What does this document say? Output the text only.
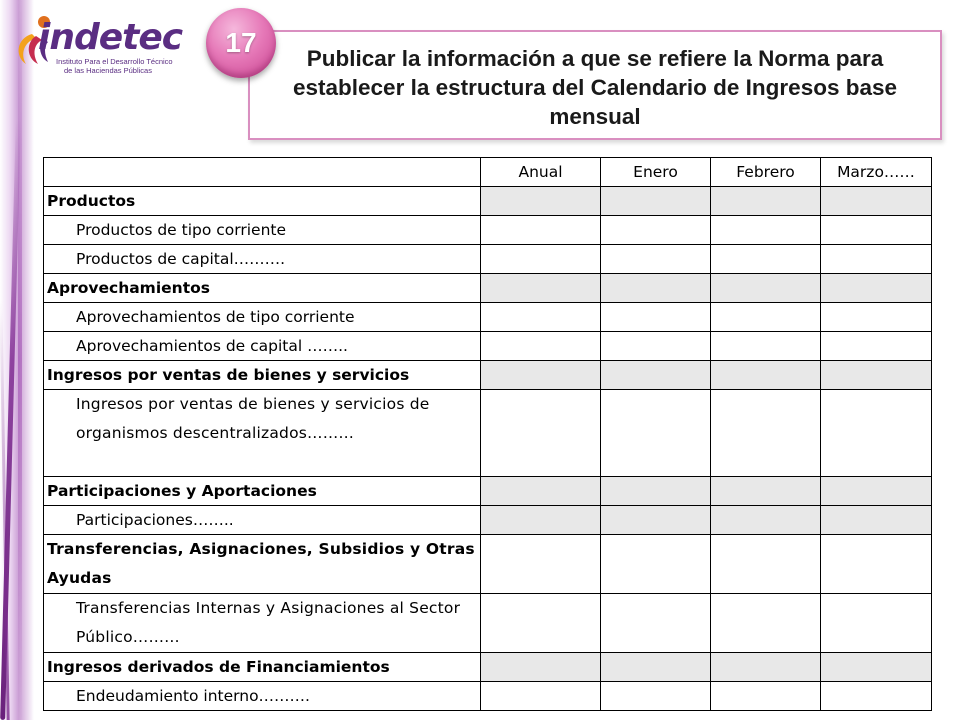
indetec
Instituto Para el Desarrollo Técnico
de las Haciendas Públicas	Publicar la información a que se refiere la Norma para establecer la estructura del Calendario de Ingresos base mensual
17
	Anual	Enero	Febrero	Marzo……
Productos				
Productos de tipo corriente				
Productos de capital……….				
Aprovechamientos				
Aprovechamientos de tipo corriente				
Aprovechamientos de capital ……..				
Ingresos por ventas de bienes y servicios				
Ingresos por ventas de bienes y servicios de organismos descentralizados………				
Participaciones y Aportaciones				
Participaciones……..				
Transferencias, Asignaciones, Subsidios y Otras Ayudas				
Transferencias Internas y Asignaciones al Sector Público………				
Ingresos derivados de Financiamientos				
Endeudamiento interno……….				
